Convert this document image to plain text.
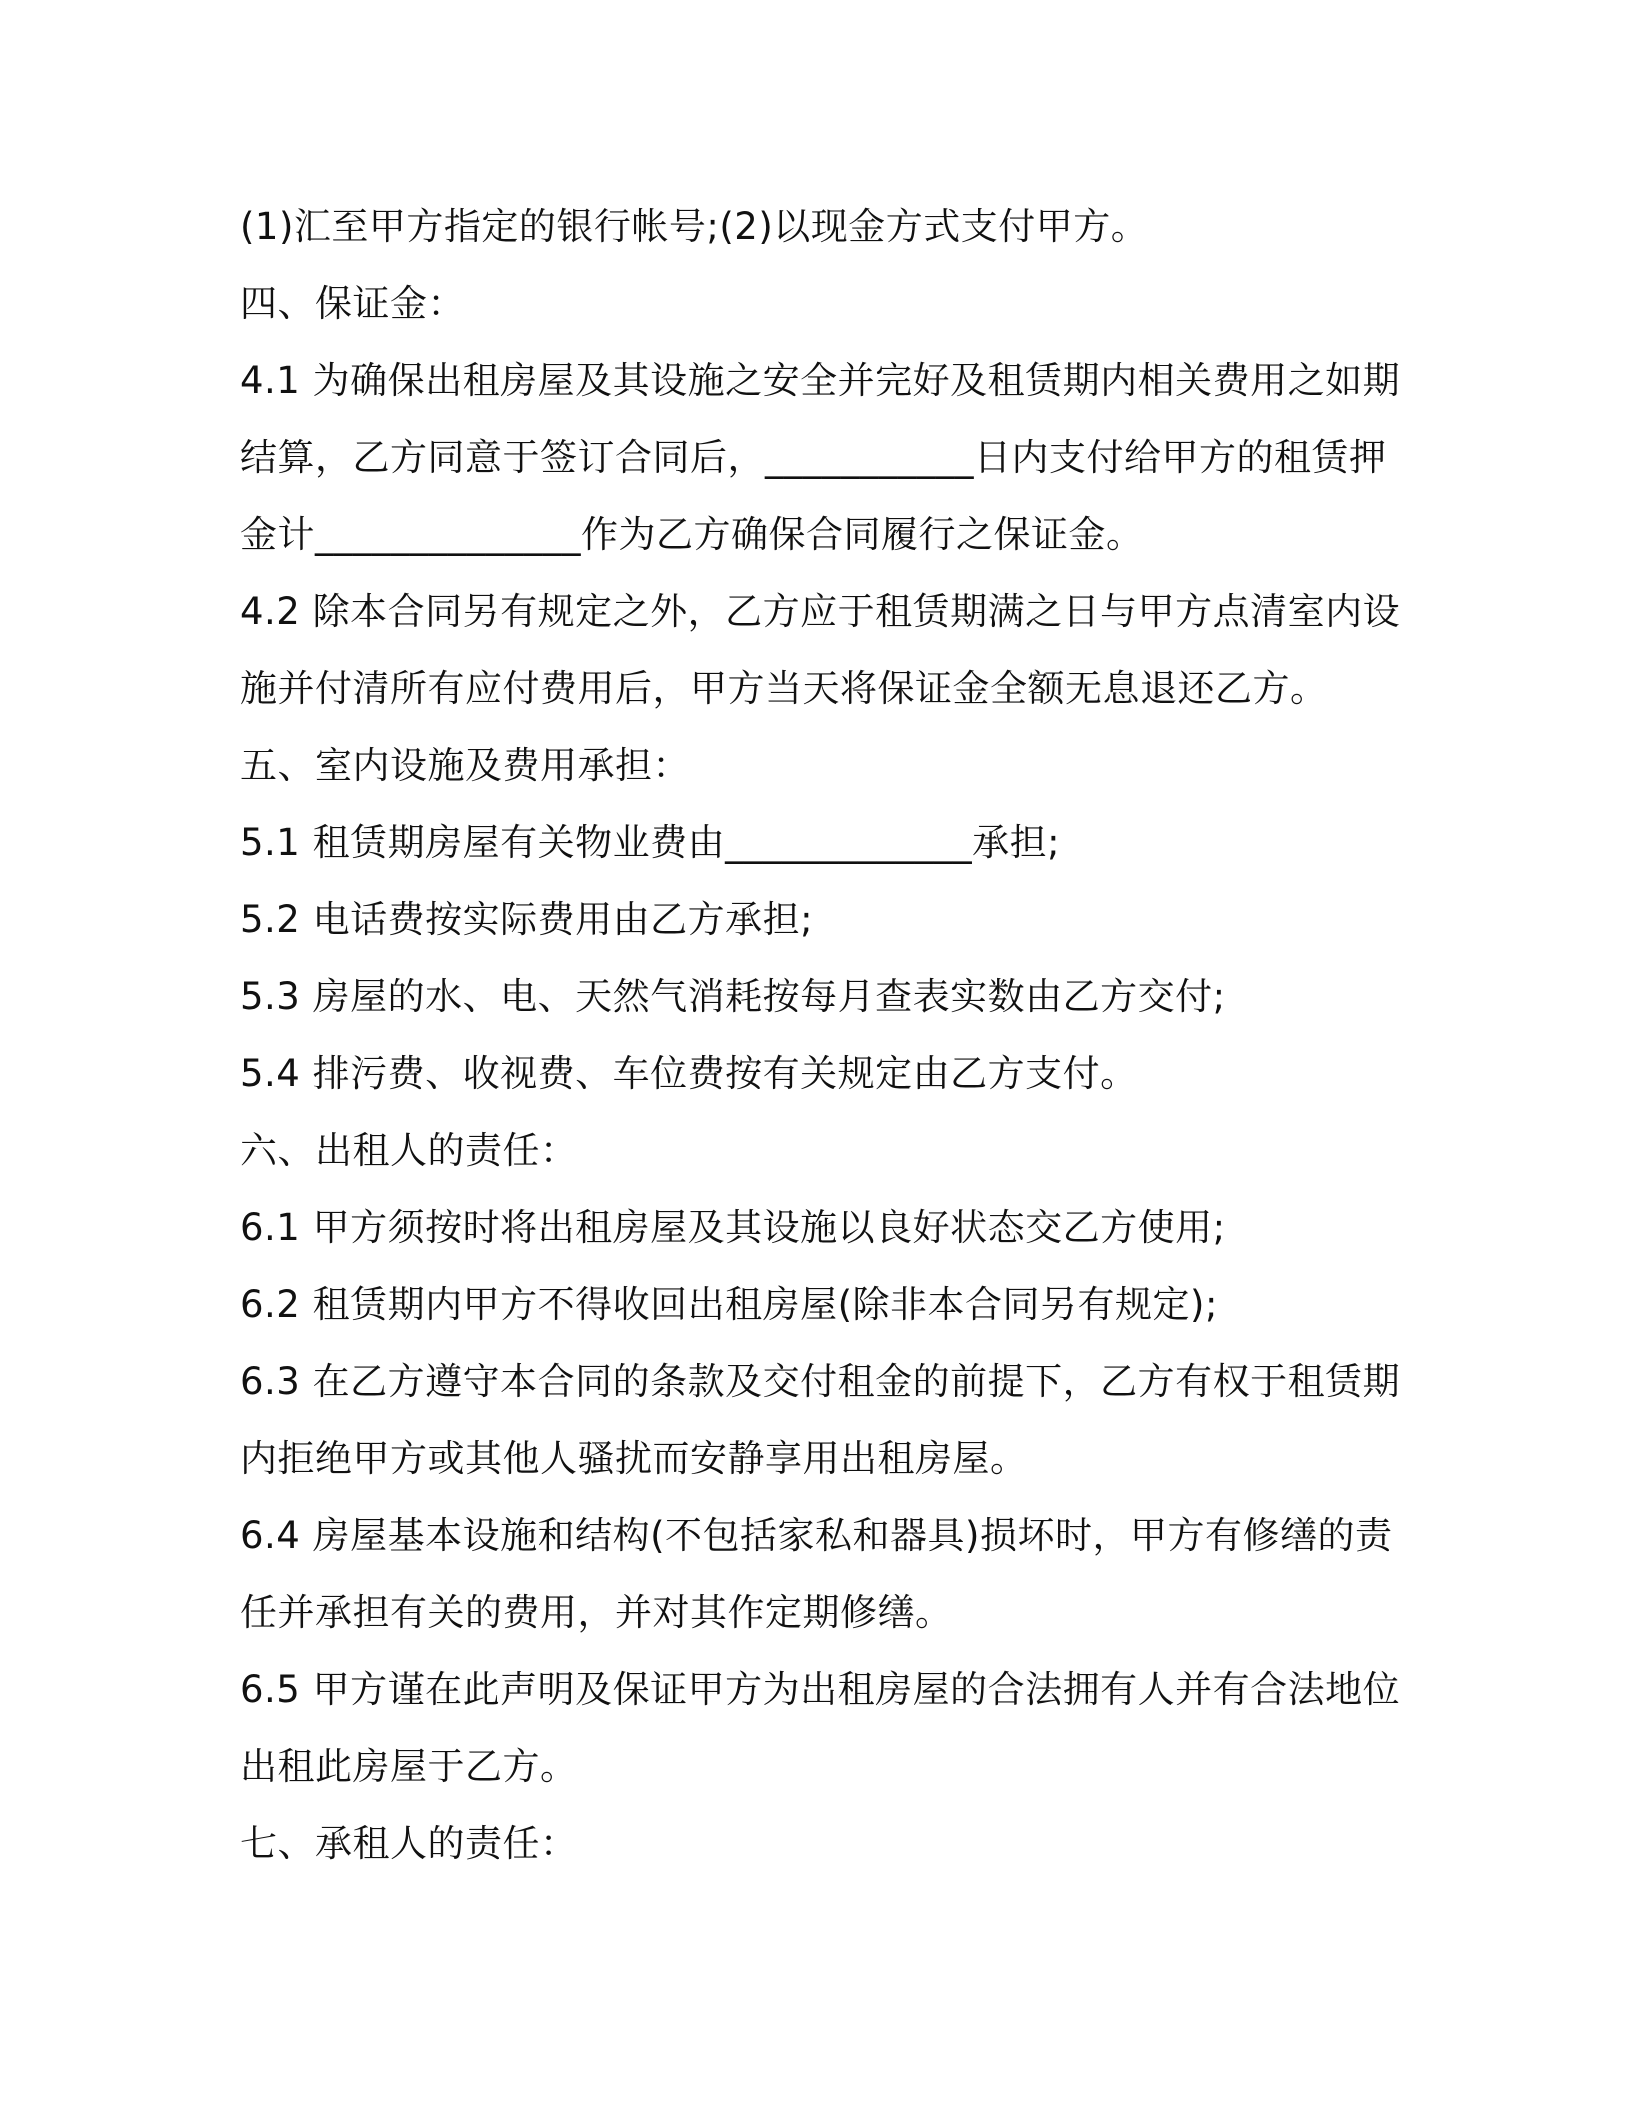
(1)汇至甲方指定的银行帐号;(2)以现金方式支付甲方。
四、保证金：
4.1 为确保出租房屋及其设施之安全并完好及租赁期内相关费用之如期
结算，乙方同意于签订合同后，___________日内支付给甲方的租赁押
金计______________作为乙方确保合同履行之保证金。
4.2 除本合同另有规定之外，乙方应于租赁期满之日与甲方点清室内设
施并付清所有应付费用后，甲方当天将保证金全额无息退还乙方。
五、室内设施及费用承担：
5.1 租赁期房屋有关物业费由_____________承担;
5.2 电话费按实际费用由乙方承担;
5.3 房屋的水、电、天然气消耗按每月查表实数由乙方交付;
5.4 排污费、收视费、车位费按有关规定由乙方支付。
六、出租人的责任：
6.1 甲方须按时将出租房屋及其设施以良好状态交乙方使用;
6.2 租赁期内甲方不得收回出租房屋(除非本合同另有规定);
6.3 在乙方遵守本合同的条款及交付租金的前提下，乙方有权于租赁期
内拒绝甲方或其他人骚扰而安静享用出租房屋。
6.4 房屋基本设施和结构(不包括家私和器具)损坏时，甲方有修缮的责
任并承担有关的费用，并对其作定期修缮。
6.5 甲方谨在此声明及保证甲方为出租房屋的合法拥有人并有合法地位
出租此房屋于乙方。
七、承租人的责任：
